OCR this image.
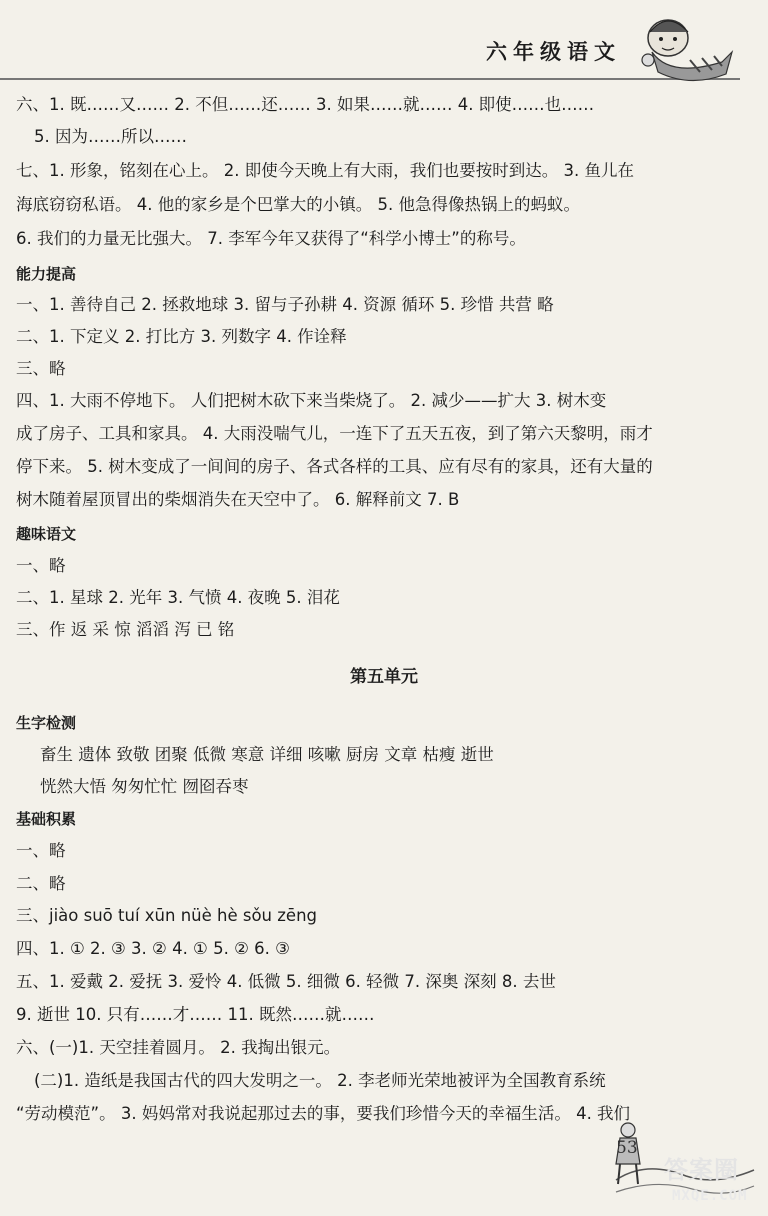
六年级语文
六、1. 既……又…… 2. 不但……还…… 3. 如果……就…… 4. 即使……也……
5. 因为……所以……
七、1. 形象，铭刻在心上。 2. 即使今天晚上有大雨，我们也要按时到达。 3. 鱼儿在
海底窃窃私语。 4. 他的家乡是个巴掌大的小镇。 5. 他急得像热锅上的蚂蚁。
6. 我们的力量无比强大。 7. 李军今年又获得了“科学小博士”的称号。
能力提高
一、1. 善待自己 2. 拯救地球 3. 留与子孙耕 4. 资源 循环 5. 珍惜 共营 略
二、1. 下定义 2. 打比方 3. 列数字 4. 作诠释
三、略
四、1. 大雨不停地下。 人们把树木砍下来当柴烧了。 2. 减少——扩大 3. 树木变
成了房子、工具和家具。 4. 大雨没喘气儿，一连下了五天五夜，到了第六天黎明，雨才
停下来。 5. 树木变成了一间间的房子、各式各样的工具、应有尽有的家具，还有大量的
树木随着屋顶冒出的柴烟消失在天空中了。 6. 解释前文 7. B
趣味语文
一、略
二、1. 星球 2. 光年 3. 气愤 4. 夜晚 5. 泪花
三、作 返 采 惊 滔滔 泻 已 铭
第五单元
生字检测
畜生 遗体 致敬 团聚 低微 寒意 详细 咳嗽 厨房 文章 枯瘦 逝世
恍然大悟 匆匆忙忙 囫囵吞枣
基础积累
一、略
二、略
三、jiào suō tuí xūn nüè hè sǒu zēng
四、1. ① 2. ③ 3. ② 4. ① 5. ② 6. ③
五、1. 爱戴 2. 爱抚 3. 爱怜 4. 低微 5. 细微 6. 轻微 7. 深奥 深刻 8. 去世
9. 逝世 10. 只有……才…… 11. 既然……就……
六、(一)1. 天空挂着圆月。 2. 我掏出银元。
(二)1. 造纸是我国古代的四大发明之一。 2. 李老师光荣地被评为全国教育系统
“劳动模范”。 3. 妈妈常对我说起那过去的事，要我们珍惜今天的幸福生活。 4. 我们
53
答案圈
MXQE.COM
